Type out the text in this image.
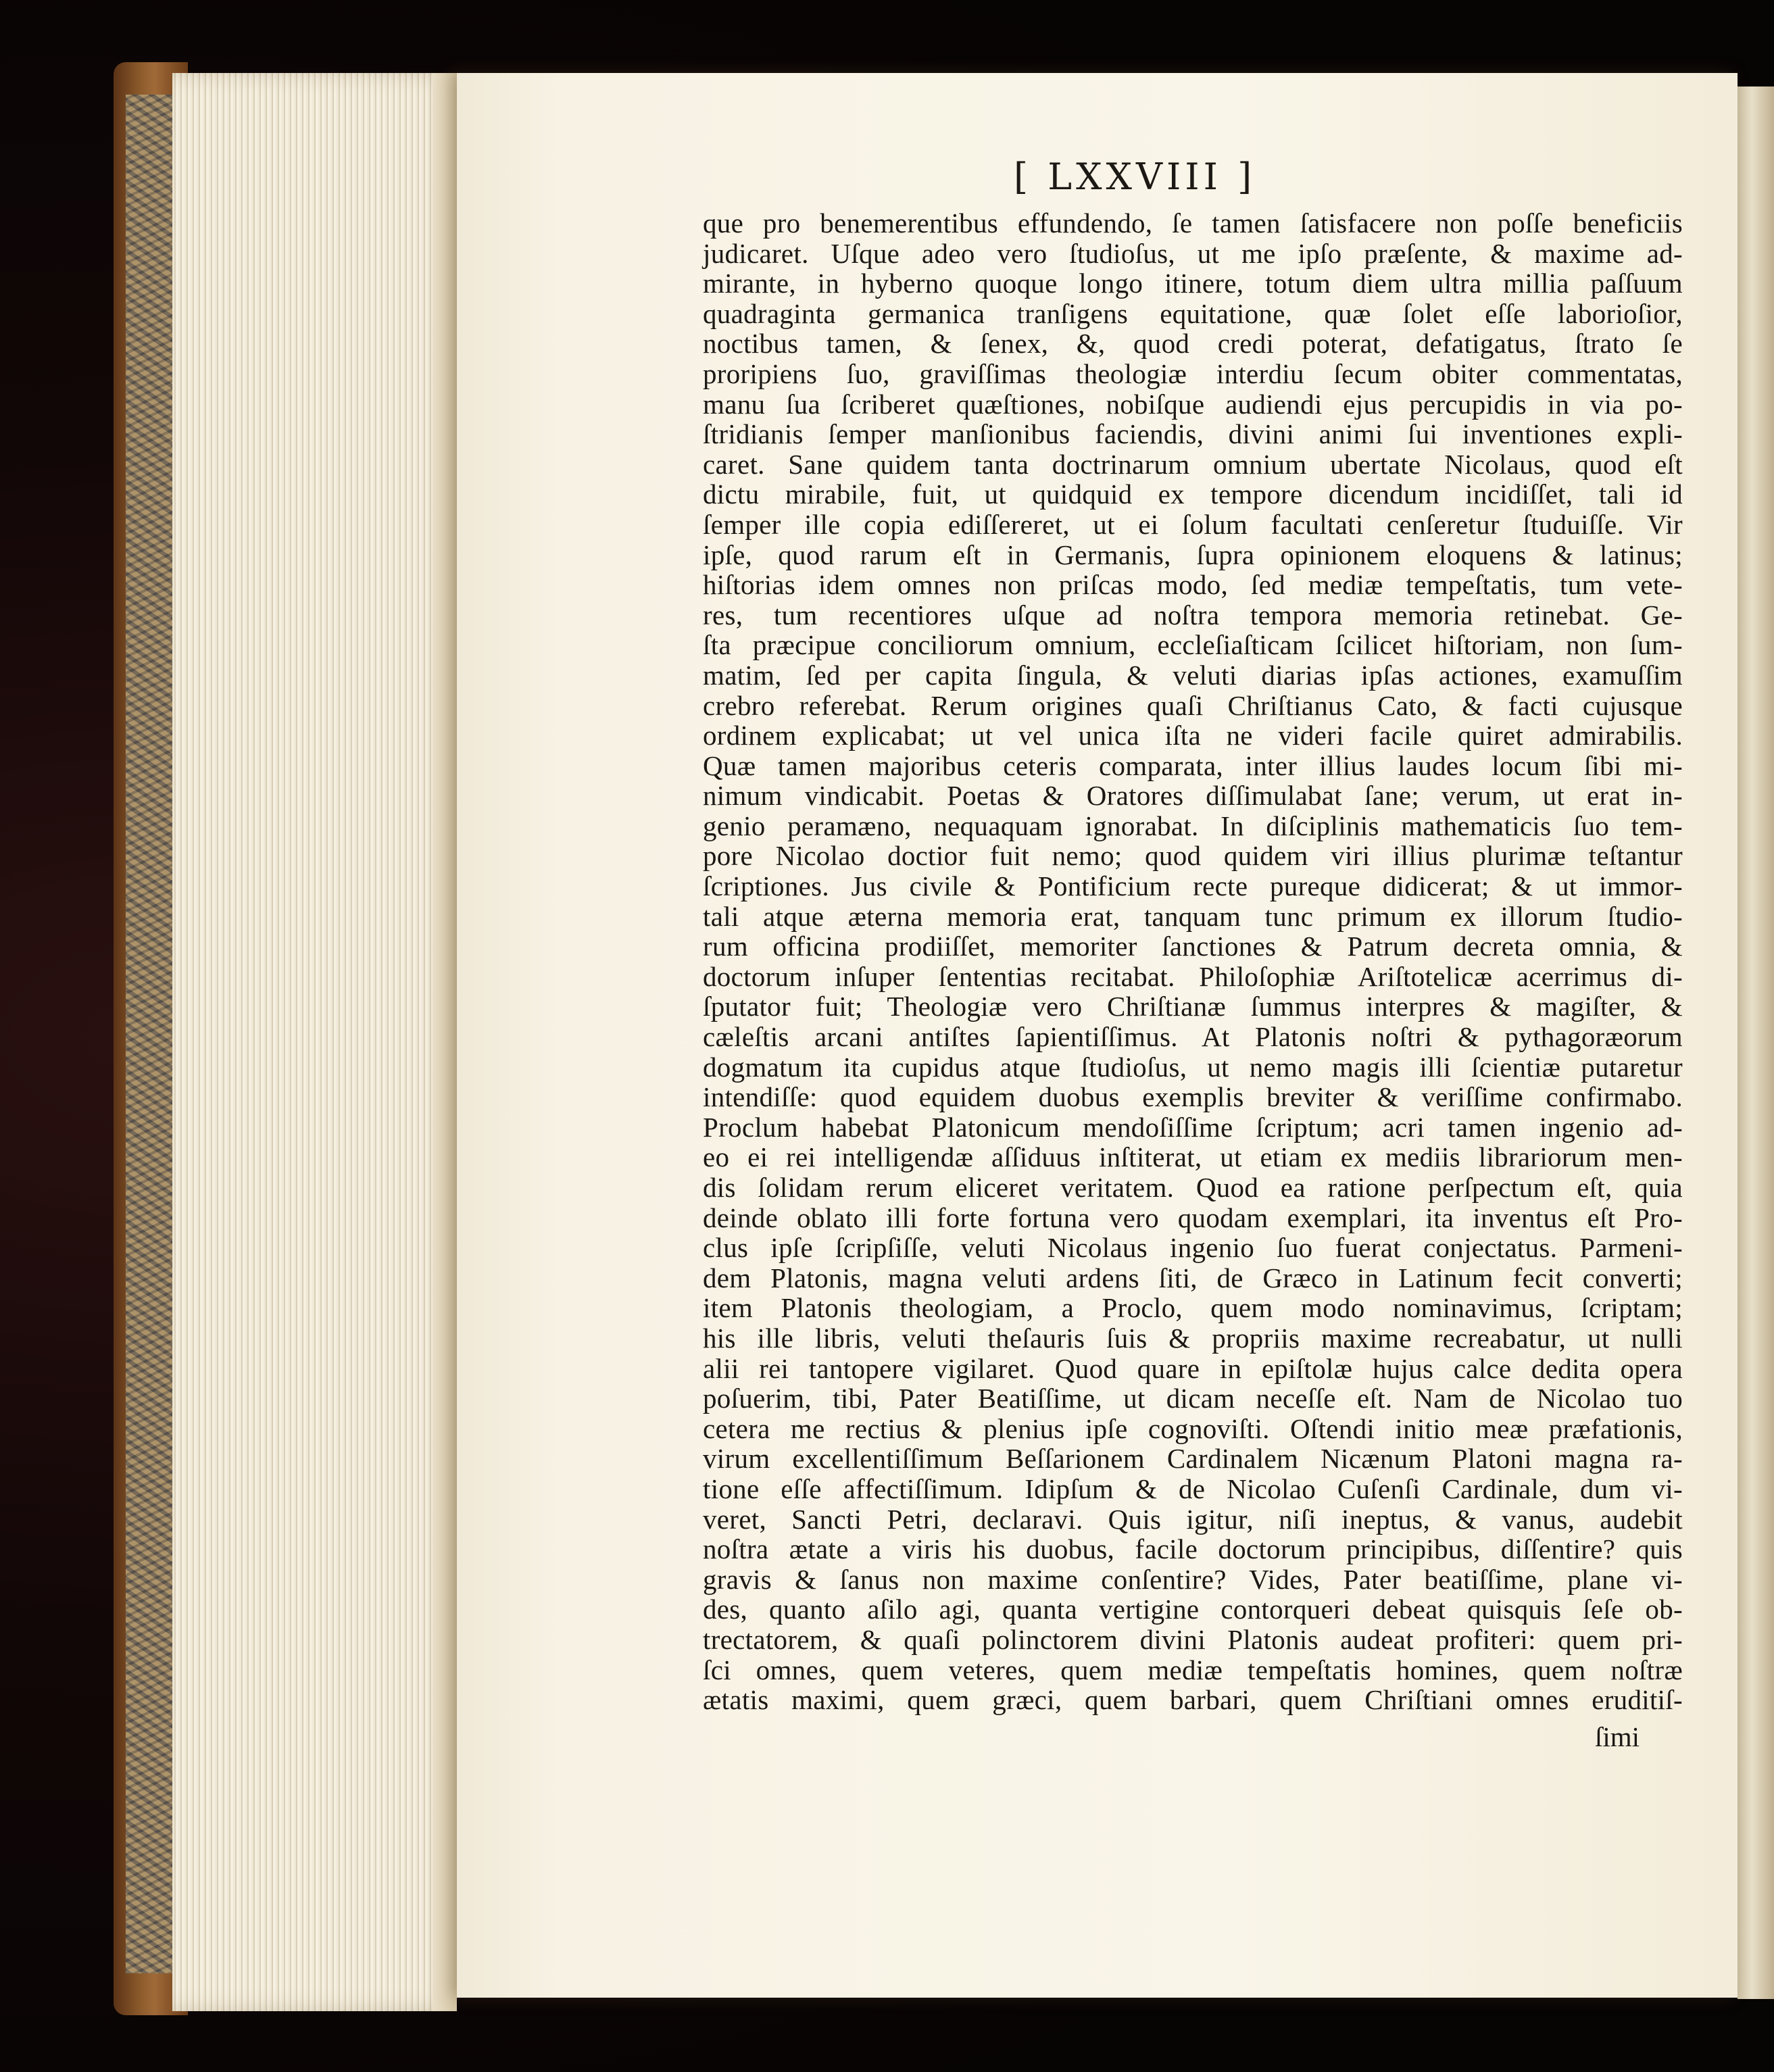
[ LXXVIII ]
que pro benemerentibus effundendo, ſe tamen ſatisfacere non poſſe beneficiis
judicaret. Uſque adeo vero ſtudioſus, ut me ipſo præſente, & maxime ad-
mirante, in hyberno quoque longo itinere, totum diem ultra millia paſſuum
quadraginta germanica tranſigens equitatione, quæ ſolet eſſe laborioſior,
noctibus tamen, & ſenex, &, quod credi poterat, defatigatus, ſtrato ſe
proripiens ſuo, graviſſimas theologiæ interdiu ſecum obiter commentatas,
manu ſua ſcriberet quæſtiones, nobiſque audiendi ejus percupidis in via po-
ſtridianis ſemper manſionibus faciendis, divini animi ſui inventiones expli-
caret. Sane quidem tanta doctrinarum omnium ubertate Nicolaus, quod eſt
dictu mirabile, fuit, ut quidquid ex tempore dicendum incidiſſet, tali id
ſemper ille copia ediſſereret, ut ei ſolum facultati cenſeretur ſtuduiſſe. Vir
ipſe, quod rarum eſt in Germanis, ſupra opinionem eloquens & latinus;
hiſtorias idem omnes non priſcas modo, ſed mediæ tempeſtatis, tum vete-
res, tum recentiores uſque ad noſtra tempora memoria retinebat. Ge-
ſta præcipue conciliorum omnium, eccleſiaſticam ſcilicet hiſtoriam, non ſum-
matim, ſed per capita ſingula, & veluti diarias ipſas actiones, examuſſim
crebro referebat. Rerum origines quaſi Chriſtianus Cato, & facti cujusque
ordinem explicabat; ut vel unica iſta ne videri facile quiret admirabilis.
Quæ tamen majoribus ceteris comparata, inter illius laudes locum ſibi mi-
nimum vindicabit. Poetas & Oratores diſſimulabat ſane; verum, ut erat in-
genio peramæno, nequaquam ignorabat. In diſciplinis mathematicis ſuo tem-
pore Nicolao doctior fuit nemo; quod quidem viri illius plurimæ teſtantur
ſcriptiones. Jus civile & Pontificium recte pureque didicerat; & ut immor-
tali atque æterna memoria erat, tanquam tunc primum ex illorum ſtudio-
rum officina prodiiſſet, memoriter ſanctiones & Patrum decreta omnia, &
doctorum inſuper ſententias recitabat. Philoſophiæ Ariſtotelicæ acerrimus di-
ſputator fuit; Theologiæ vero Chriſtianæ ſummus interpres & magiſter, &
cæleſtis arcani antiſtes ſapientiſſimus. At Platonis noſtri & pythagoræorum
dogmatum ita cupidus atque ſtudioſus, ut nemo magis illi ſcientiæ putaretur
intendiſſe: quod equidem duobus exemplis breviter & veriſſime confirmabo.
Proclum habebat Platonicum mendoſiſſime ſcriptum; acri tamen ingenio ad-
eo ei rei intelligendæ aſſiduus inſtiterat, ut etiam ex mediis librariorum men-
dis ſolidam rerum eliceret veritatem. Quod ea ratione perſpectum eſt, quia
deinde oblato illi forte fortuna vero quodam exemplari, ita inventus eſt Pro-
clus ipſe ſcripſiſſe, veluti Nicolaus ingenio ſuo fuerat conjectatus. Parmeni-
dem Platonis, magna veluti ardens ſiti, de Græco in Latinum fecit converti;
item Platonis theologiam, a Proclo, quem modo nominavimus, ſcriptam;
his ille libris, veluti theſauris ſuis & propriis maxime recreabatur, ut nulli
alii rei tantopere vigilaret. Quod quare in epiſtolæ hujus calce dedita opera
poſuerim, tibi, Pater Beatiſſime, ut dicam neceſſe eſt. Nam de Nicolao tuo
cetera me rectius & plenius ipſe cognoviſti. Oſtendi initio meæ præfationis,
virum excellentiſſimum Beſſarionem Cardinalem Nicænum Platoni magna ra-
tione eſſe affectiſſimum. Idipſum & de Nicolao Cuſenſi Cardinale, dum vi-
veret, Sancti Petri, declaravi. Quis igitur, niſi ineptus, & vanus, audebit
noſtra ætate a viris his duobus, facile doctorum principibus, diſſentire? quis
gravis & ſanus non maxime conſentire? Vides, Pater beatiſſime, plane vi-
des, quanto aſilo agi, quanta vertigine contorqueri debeat quisquis ſeſe ob-
trectatorem, & quaſi polinctorem divini Platonis audeat profiteri: quem pri-
ſci omnes, quem veteres, quem mediæ tempeſtatis homines, quem noſtræ
ætatis maximi, quem græci, quem barbari, quem Chriſtiani omnes eruditiſ-
ſimi
